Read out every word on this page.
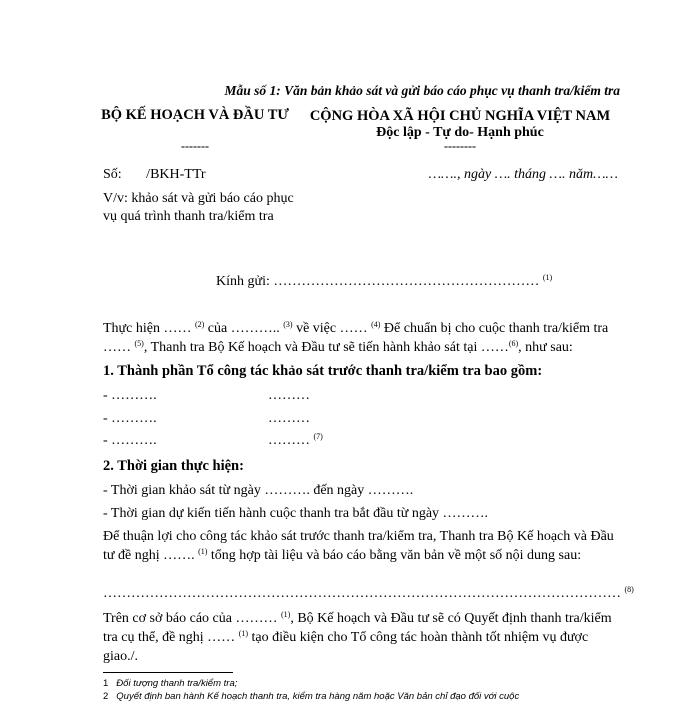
Mẫu số 1: Văn bản khảo sát và gửi báo cáo phục vụ thanh tra/kiểm tra
BỘ KẾ HOẠCH VÀ ĐẦU TƯ
-------
CỘNG HÒA XÃ HỘI CHỦ NGHĨA VIỆT NAM
Độc lập - Tự do- Hạnh phúc
--------
Số:       /BKH-TTr	……., ngày …. tháng …. năm……
V/v: khảo sát và gửi báo cáo phục vụ quá trình thanh tra/kiểm tra
Kính gửi: ………………………………………………… $^{(1)}$
Thực hiện …… $^{(2)}$ của ……….. $^{(3)}$ về việc …… $^{(4)}$ Để chuẩn bị cho cuộc thanh tra/kiểm tra …… $^{(5)}$, Thanh tra Bộ Kế hoạch và Đầu tư sẽ tiến hành khảo sát tại ……$^{(6)}$, như sau:
1. Thành phần Tổ công tác khảo sát trước thanh tra/kiểm tra bao gồm:
- ……….	………
- ……….	………
- ……….	……… $^{(7)}$
2. Thời gian thực hiện:
- Thời gian khảo sát từ ngày ………. đến ngày ……….
- Thời gian dự kiến tiến hành cuộc thanh tra bắt đầu từ ngày ……….
Để thuận lợi cho công tác khảo sát trước thanh tra/kiểm tra, Thanh tra Bộ Kế hoạch và Đầu tư đề nghị ……. $^{(1)}$ tổng hợp tài liệu và báo cáo bằng văn bản về một số nội dung sau:
………………………………………………………………………………………………… $^{(8)}$
Trên cơ sở báo cáo của ……… $^{(1)}$, Bộ Kế hoạch và Đầu tư sẽ có Quyết định thanh tra/kiểm tra cụ thể, đề nghị …… $^{(1)}$ tạo điều kiện cho Tổ công tác hoàn thành tốt nhiệm vụ được giao./.
1 Đối tượng thanh tra/kiểm tra;
2 Quyết định ban hành Kế hoạch thanh tra, kiểm tra hàng năm hoặc Văn bản chỉ đạo đối với cuộc
